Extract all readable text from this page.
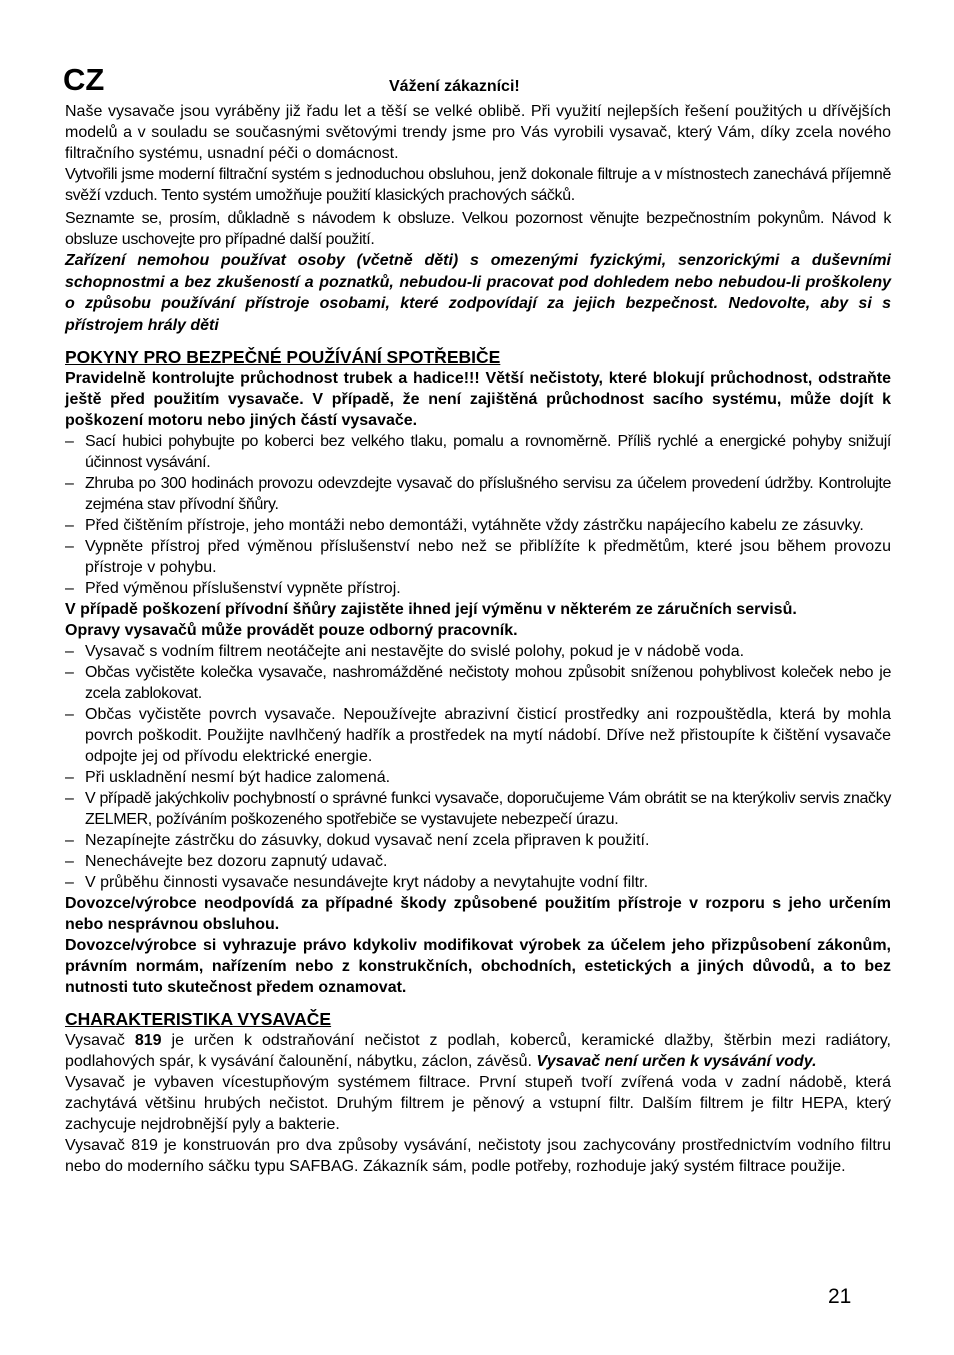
CZ	Vážení zákazníci!

Naše vysavače jsou vyráběny již řadu let a těší se velké oblibě. Při využití nejlepších řešení použitých u dřívějších modelů a v souladu se současnými světovými trendy jsme pro Vás vyrobili vysavač, který Vám, díky zcela nového filtračního systému, usnadní péči o domácnost.

Vytvořili jsme moderní filtrační systém s jednoduchou obsluhou, jenž dokonale filtruje a v místnostech zanechává příjemně svěží vzduch. Tento systém umožňuje použití klasických prachových sáčků.

Seznamte se, prosím, důkladně s návodem k obsluze. Velkou pozornost věnujte bezpečnostním pokynům. Návod k obsluze uschovejte pro případné další použití.

Zařízení nemohou používat osoby (včetně děti) s omezenými fyzickými, senzorickými a duševními schopnostmi a bez zkušeností a poznatků, nebudou-li pracovat pod dohledem nebo nebudou-li proškoleny o způsobu používání přístroje osobami, které zodpovídají za jejich bezpečnost. Nedovolte, aby si s přístrojem hrály děti

POKYNY PRO BEZPEČNÉ POUŽÍVÁNÍ SPOTŘEBIČE

Pravidelně kontrolujte průchodnost trubek a hadice!!! Větší nečistoty, které blokují průchodnost, odstraňte ještě před použitím vysavače. V případě, že není zajištěná průchodnost sacího systému, může dojít k poškození motoru nebo jiných částí vysavače.

– Sací hubici pohybujte po koberci bez velkého tlaku, pomalu a rovnoměrně. Příliš rychlé a energické pohyby snižují účinnost vysávání.
– Zhruba po 300 hodinách provozu odevzdejte vysavač do příslušného servisu za účelem provedení údržby. Kontrolujte zejména stav přívodní šňůry.
– Před čištěním přístroje, jeho montáži nebo demontáži, vytáhněte vždy zástrčku napájecího kabelu ze zásuvky.
– Vypněte přístroj před výměnou příslušenství nebo než se přiblížíte k předmětům, které jsou během provozu přístroje v pohybu.
– Před výměnou příslušenství vypněte přístroj.

V případě poškození přívodní šňůry zajistěte ihned její výměnu v některém ze záručních servisů.

Opravy vysavačů může provádět pouze odborný pracovník.

– Vysavač s vodním filtrem neotáčejte ani nestavějte do svislé polohy, pokud je v nádobě voda.
– Občas vyčistěte kolečka vysavače, nashromážděné nečistoty mohou způsobit sníženou pohyblivost koleček nebo je zcela zablokovat.
– Občas vyčistěte povrch vysavače. Nepoužívejte abrazivní čisticí prostředky ani rozpouštědla, která by mohla povrch poškodit. Použijte navlhčený hadřík a prostředek na mytí nádobí. Dříve než přistoupíte k čištění vysavače odpojte jej od přívodu elektrické energie.
– Při uskladnění nesmí být hadice zalomená.
– V případě jakýchkoliv pochybností o správné funkci vysavače, doporučujeme Vám obrátit se na kterýkoliv servis značky ZELMER, požíváním poškozeného spotřebiče se vystavujete nebezpečí úrazu.
– Nezapínejte zástrčku do zásuvky, dokud vysavač není zcela připraven k použití.
– Nenechávejte bez dozoru zapnutý udavač.
– V průběhu činnosti vysavače nesundávejte kryt nádoby a nevytahujte vodní filtr.

Dovozce/výrobce neodpovídá za případné škody způsobené použitím přístroje v rozporu s jeho určením nebo nesprávnou obsluhou.

Dovozce/výrobce si vyhrazuje právo kdykoliv modifikovat výrobek za účelem jeho přizpůsobení zákonům, právním normám, nařízením nebo z konstrukčních, obchodních, estetických a jiných důvodů, a to bez nutnosti tuto skutečnost předem oznamovat.

CHARAKTERISTIKA VYSAVAČE

Vysavač 819 je určen k odstraňování nečistot z podlah, koberců, keramické dlažby, štěrbin mezi radiátory, podlahových spár, k vysávání čalounění, nábytku, záclon, závěsů. Vysavač není určen k vysávání vody.

Vysavač je vybaven vícestupňovým systémem filtrace. První stupeň tvoří zvířená voda v zadní nádobě, která zachytává většinu hrubých nečistot. Druhým filtrem je pěnový a vstupní filtr. Dalším filtrem je filtr HEPA, který zachycuje nejdrobnější pyly a bakterie.

Vysavač 819 je konstruován pro dva způsoby vysávání, nečistoty jsou zachycovány prostřednictvím vodního filtru nebo do moderního sáčku typu SAFBAG. Zákazník sám, podle potřeby, rozhoduje jaký systém filtrace použije.

21
